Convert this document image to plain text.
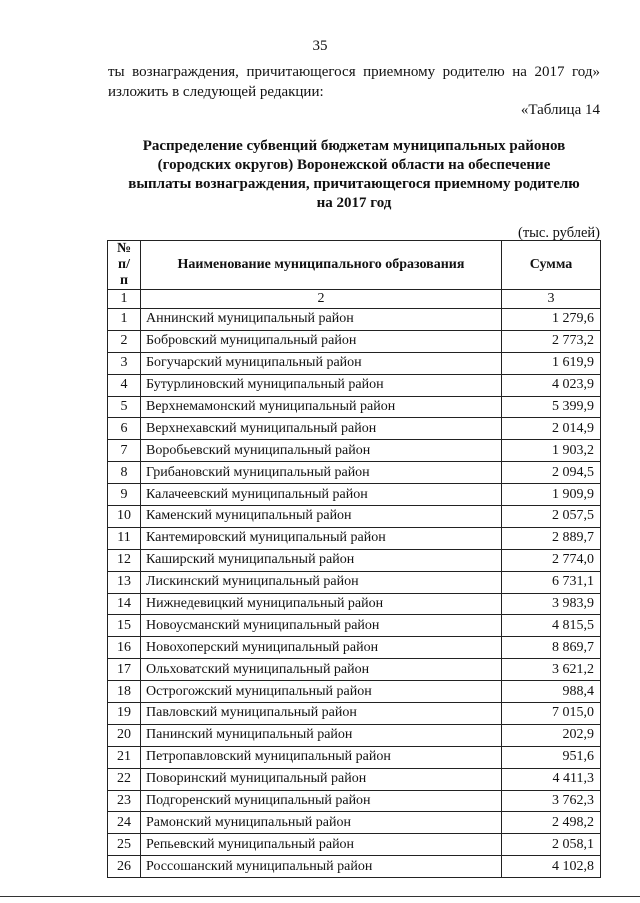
35
ты вознаграждения, причитающегося приемному родителю на 2017 год»
изложить в следующей редакции:
«Таблица 14
Распределение субвенций бюджетам муниципальных районов
(городских округов) Воронежской области на обеспечение
выплаты вознаграждения, причитающегося приемному родителю
на 2017 год
(тыс. рублей)
№
п/п	Наименование муниципального образования	Сумма
1	2	3
1	Аннинский муниципальный район	1 279,6
2	Бобровский муниципальный район	2 773,2
3	Богучарский муниципальный район	1 619,9
4	Бутурлиновский муниципальный район	4 023,9
5	Верхнемамонский муниципальный район	5 399,9
6	Верхнехавский муниципальный район	2 014,9
7	Воробьевский муниципальный район	1 903,2
8	Грибановский муниципальный район	2 094,5
9	Калачеевский муниципальный район	1 909,9
10	Каменский муниципальный район	2 057,5
11	Кантемировский муниципальный район	2 889,7
12	Каширский муниципальный район	2 774,0
13	Лискинский муниципальный район	6 731,1
14	Нижнедевицкий муниципальный район	3 983,9
15	Новоусманский муниципальный район	4 815,5
16	Новохоперский муниципальный район	8 869,7
17	Ольховатский муниципальный район	3 621,2
18	Острогожский муниципальный район	988,4
19	Павловский муниципальный район	7 015,0
20	Панинский муниципальный район	202,9
21	Петропавловский муниципальный район	951,6
22	Поворинский муниципальный район	4 411,3
23	Подгоренский муниципальный район	3 762,3
24	Рамонский муниципальный район	2 498,2
25	Репьевский муниципальный район	2 058,1
26	Россошанский муниципальный район	4 102,8
